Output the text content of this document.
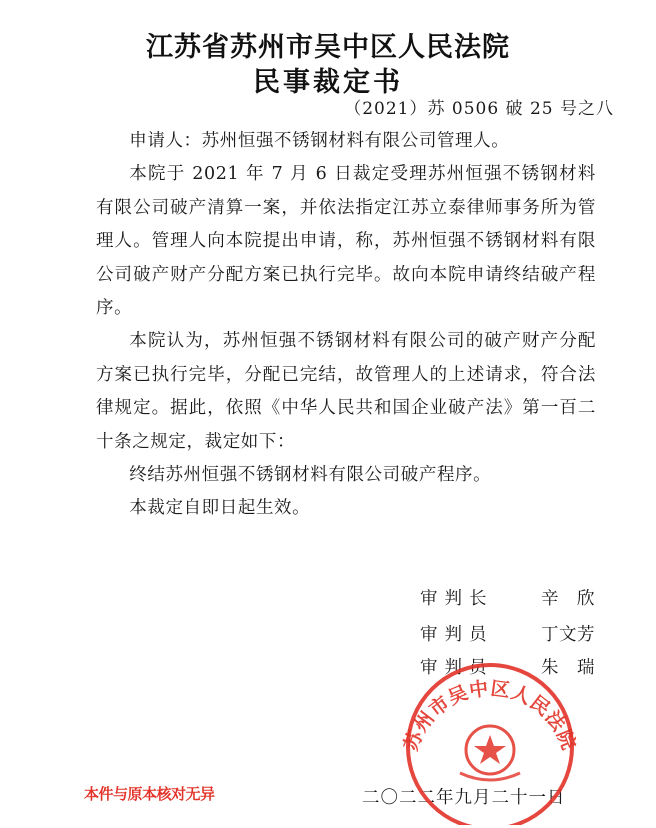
江苏省苏州市吴中区人民法院
民事裁定书
（2021）苏 0506 破 25 号之八

申请人：苏州恒强不锈钢材料有限公司管理人。

本院于 2021 年 7 月 6 日裁定受理苏州恒强不锈钢材料有限公司破产清算一案，并依法指定江苏立泰律师事务所为管理人。管理人向本院提出申请，称，苏州恒强不锈钢材料有限公司破产财产分配方案已执行完毕。故向本院申请终结破产程序。

本院认为，苏州恒强不锈钢材料有限公司的破产财产分配方案已执行完毕，分配已完结，故管理人的上述请求，符合法律规定。据此，依照《中华人民共和国企业破产法》第一百二十条之规定，裁定如下：

终结苏州恒强不锈钢材料有限公司破产程序。

本裁定自即日起生效。

审判长	辛　欣
审判员	丁文芳
审判员	朱　瑞
二〇二二年九月二十一日
本件与原本核对无异
苏州市吴中区人民法院
